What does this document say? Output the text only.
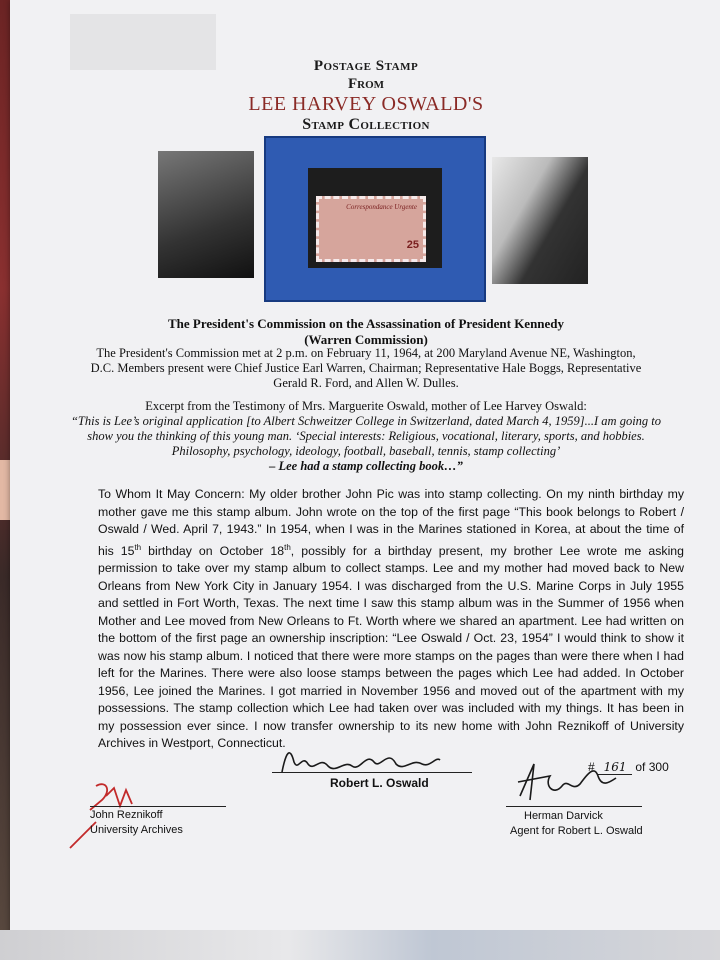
Postage Stamp
From
LEE HARVEY OSWALD'S
Stamp Collection
Correspondance Urgente
25
The President's Commission on the Assassination of President Kennedy
(Warren Commission)
The President's Commission met at 2 p.m. on February 11, 1964, at 200 Maryland Avenue NE, Washington, D.C. Members present were Chief Justice Earl Warren, Chairman; Representative Hale Boggs, Representative Gerald R. Ford, and Allen W. Dulles.
Excerpt from the Testimony of Mrs. Marguerite Oswald, mother of Lee Harvey Oswald:
“This is Lee’s original application [to Albert Schweitzer College in Switzerland, dated March 4, 1959]...I am going to show you the thinking of this young man. ‘Special interests: Religious, vocational, literary, sports, and hobbies. Philosophy, psychology, ideology, football, baseball, tennis, stamp collecting’
– Lee had a stamp collecting book…”
To Whom It May Concern: My older brother John Pic was into stamp collecting. On my ninth birthday my mother gave me this stamp album. John wrote on the top of the first page “This book belongs to Robert / Oswald / Wed. April 7, 1943.” In 1954, when I was in the Marines stationed in Korea, at about the time of his 15th birthday on October 18th, possibly for a birthday present, my brother Lee wrote me asking permission to take over my stamp album to collect stamps. Lee and my mother had moved back to New Orleans from New York City in January 1954. I was discharged from the U.S. Marine Corps in July 1955 and settled in Fort Worth, Texas. The next time I saw this stamp album was in the Summer of 1956 when Mother and Lee moved from New Orleans to Ft. Worth where we shared an apartment. Lee had written on the bottom of the first page an ownership inscription: “Lee Oswald / Oct. 23, 1954” I would think to show it was now his stamp album. I noticed that there were more stamps on the pages than were there when I had left for the Marines. There were also loose stamps between the pages which Lee had added. In October 1956, Lee joined the Marines. I got married in November 1956 and moved out of the apartment with my possessions. The stamp collection which Lee had taken over was included with my things. It has been in my possession ever since. I now transfer ownership to its new home with John Reznikoff of University Archives in Westport, Connecticut.
Robert L. Oswald
John Reznikoff
University Archives
# 161 of 300
Herman Darvick
Agent for Robert L. Oswald
